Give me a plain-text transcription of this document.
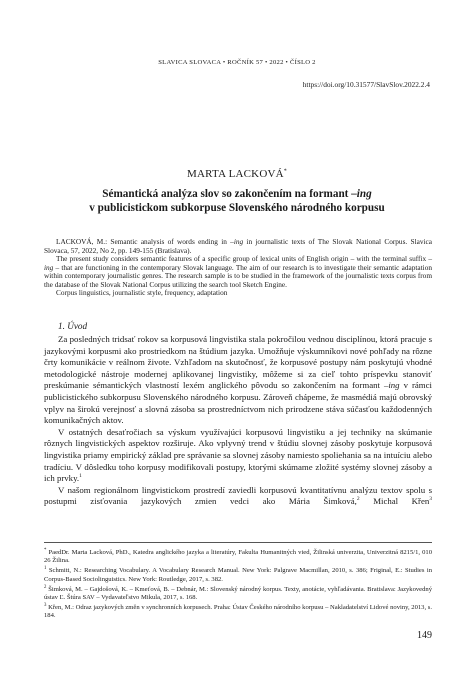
SLAVICA SLOVACA • ROČNÍK 57 • 2022 • ČÍSLO 2
https://doi.org/10.31577/SlavSlov.2022.2.4
MARTA LACKOVÁ*
Sémantická analýza slov so zakončením na formant –ing
v publicistickom subkorpuse Slovenského národného korpusu

LACKOVÁ, M.: Semantic analysis of words ending in –ing in journalistic texts of The Slovak National Corpus. Slavica Slovaca, 57, 2022, No 2, pp. 149-155 (Bratislava).

The present study considers semantic features of a specific group of lexical units of English origin – with the terminal suffix –ing – that are functioning in the contemporary Slovak language. The aim of our research is to investigate their semantic adaptation within contemporary journalistic genres. The research sample is to be studied in the framework of the journalistic texts corpus from the database of the Slovak National Corpus utilizing the search tool Sketch Engine.

Corpus linguistics, journalistic style, frequency, adaptation

1. Úvod

Za posledných tridsať rokov sa korpusová lingvistika stala pokročilou vednou disciplínou, ktorá pracuje s jazykovými korpusmi ako prostriedkom na štúdium jazyka. Umožňuje výskumníkovi nové pohľady na rôzne črty komunikácie v reálnom živote. Vzhľadom na skutočnosť, že korpusové postupy nám poskytujú vhodné metodologické nástroje modernej aplikovanej lingvistiky, môžeme si za cieľ tohto príspevku stanoviť preskúmanie sémantických vlastností lexém anglického pôvodu so zakončením na formant –ing v rámci publicistického subkorpusu Slovenského národného korpusu. Zároveň chápeme, že masmédiá majú obrovský vplyv na širokú verejnosť a slovná zásoba sa prostredníctvom nich prirodzene stáva súčasťou každodenných komunikačných aktov.

V ostatných desaťročiach sa výskum využívajúci korpusovú lingvistiku a jej techniky na skúmanie rôznych lingvistických aspektov rozširuje. Ako vplyvný trend v štúdiu slovnej zásoby poskytuje korpusová lingvistika priamy empirický základ pre správanie sa slovnej zásoby namiesto spoliehania sa na intuíciu alebo tradíciu. V dôsledku toho korpusy modifikovali postupy, ktorými skúmame zložité systémy slovnej zásoby a ich prvky.$^1$

V našom regionálnom lingvistickom prostredí zaviedli korpusovú kvantitatívnu analýzu textov spolu s postupmi zisťovania jazykových zmien vedci ako Mária Šimková,$^2$ Michal Křen$^3$

* PaedDr. Marta Lacková, PhD., Katedra anglického jazyka a literatúry, Fakulta Humanitných vied, Žilinská univerzita, Univerzitná 8215/1, 010 26 Žilina.

$^1$ Schmitt, N.: Researching Vocabulary. A Vocabulary Research Manual. New York: Palgrave Macmillan, 2010, s. 386; Friginal, E.: Studies in Corpus-Based Sociolinguistics. New York: Routledge, 2017, s. 382.

$^2$ Šimková, M. – Gajdošová, K. – Kmeťová, B. – Debnár, M.: Slovenský národný korpus. Texty, anotácie, vyhľadávania. Bratislava: Jazykovedný ústav Ľ. Štúra SAV – Vydavateľstvo Mikula, 2017, s. 168.

$^3$ Křen, M.: Odraz jazykových změn v synchronních korpusech. Praha: Ústav Českého národního korpusu – Nakladatelství Lidové noviny, 2013, s. 184.

149
